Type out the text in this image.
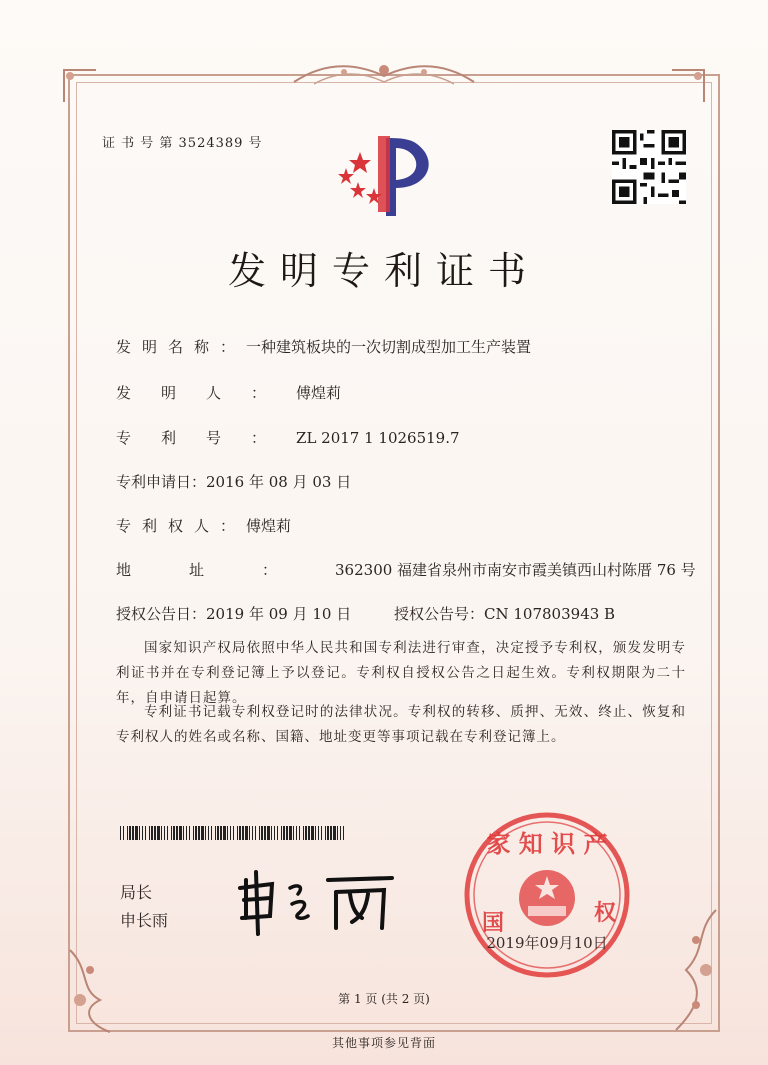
证 书 号 第 3524389 号
发明专利证书
发明名称：一种建筑板块的一次切割成型加工生产装置
发明人：傅煌莉
专利号：ZL 2017 1 1026519.7
专利申请日：2016 年 08 月 03 日
专利权人：傅煌莉
地址：362300 福建省泉州市南安市霞美镇西山村陈厝 76 号
授权公告日：2019 年 09 月 10 日	授权公告号：CN 107803943 B
国家知识产权局依照中华人民共和国专利法进行审查，决定授予专利权，颁发发明专利证书并在专利登记簿上予以登记。专利权自授权公告之日起生效。专利权期限为二十年，自申请日起算。
专利证书记载专利权登记时的法律状况。专利权的转移、质押、无效、终止、恢复和专利权人的姓名或名称、国籍、地址变更等事项记载在专利登记簿上。
局长
申长雨
家 知 识 产
国	权
2019年09月10日
第 1 页 (共 2 页)
其他事项参见背面
